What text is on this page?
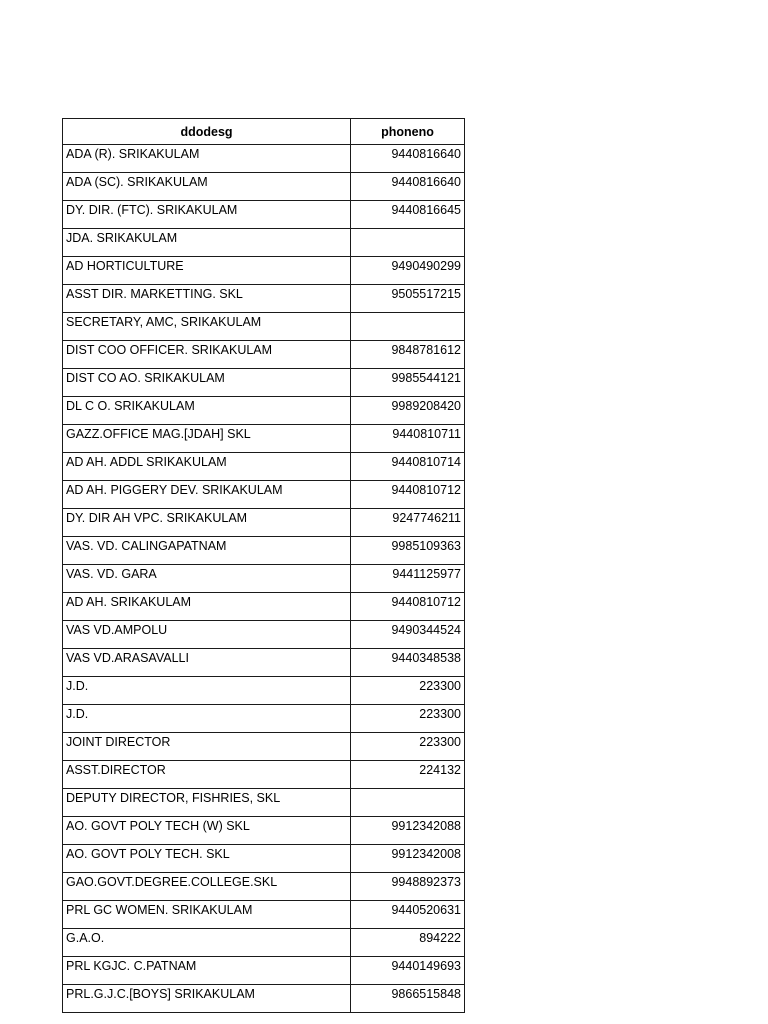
ddodesg	phoneno
ADA (R). SRIKAKULAM	9440816640
ADA (SC). SRIKAKULAM	9440816640
DY. DIR. (FTC). SRIKAKULAM	9440816645
JDA. SRIKAKULAM	
AD HORTICULTURE	9490490299
ASST DIR. MARKETTING. SKL	9505517215
SECRETARY, AMC, SRIKAKULAM	
DIST COO OFFICER. SRIKAKULAM	9848781612
DIST CO AO. SRIKAKULAM	9985544121
DL C O. SRIKAKULAM	9989208420
GAZZ.OFFICE MAG.[JDAH] SKL	9440810711
AD AH. ADDL SRIKAKULAM	9440810714
AD AH. PIGGERY DEV. SRIKAKULAM	9440810712
DY. DIR AH VPC. SRIKAKULAM	9247746211
VAS. VD. CALINGAPATNAM	9985109363
VAS. VD. GARA	9441125977
AD AH. SRIKAKULAM	9440810712
VAS VD.AMPOLU	9490344524
VAS VD.ARASAVALLI	9440348538
J.D.	223300
J.D.	223300
JOINT DIRECTOR	223300
ASST.DIRECTOR	224132
DEPUTY DIRECTOR, FISHRIES, SKL	
AO. GOVT POLY TECH (W) SKL	9912342088
AO. GOVT POLY TECH. SKL	9912342008
GAO.GOVT.DEGREE.COLLEGE.SKL	9948892373
PRL GC WOMEN. SRIKAKULAM	9440520631
G.A.O.	894222
PRL KGJC. C.PATNAM	9440149693
PRL.G.J.C.[BOYS] SRIKAKULAM	9866515848
